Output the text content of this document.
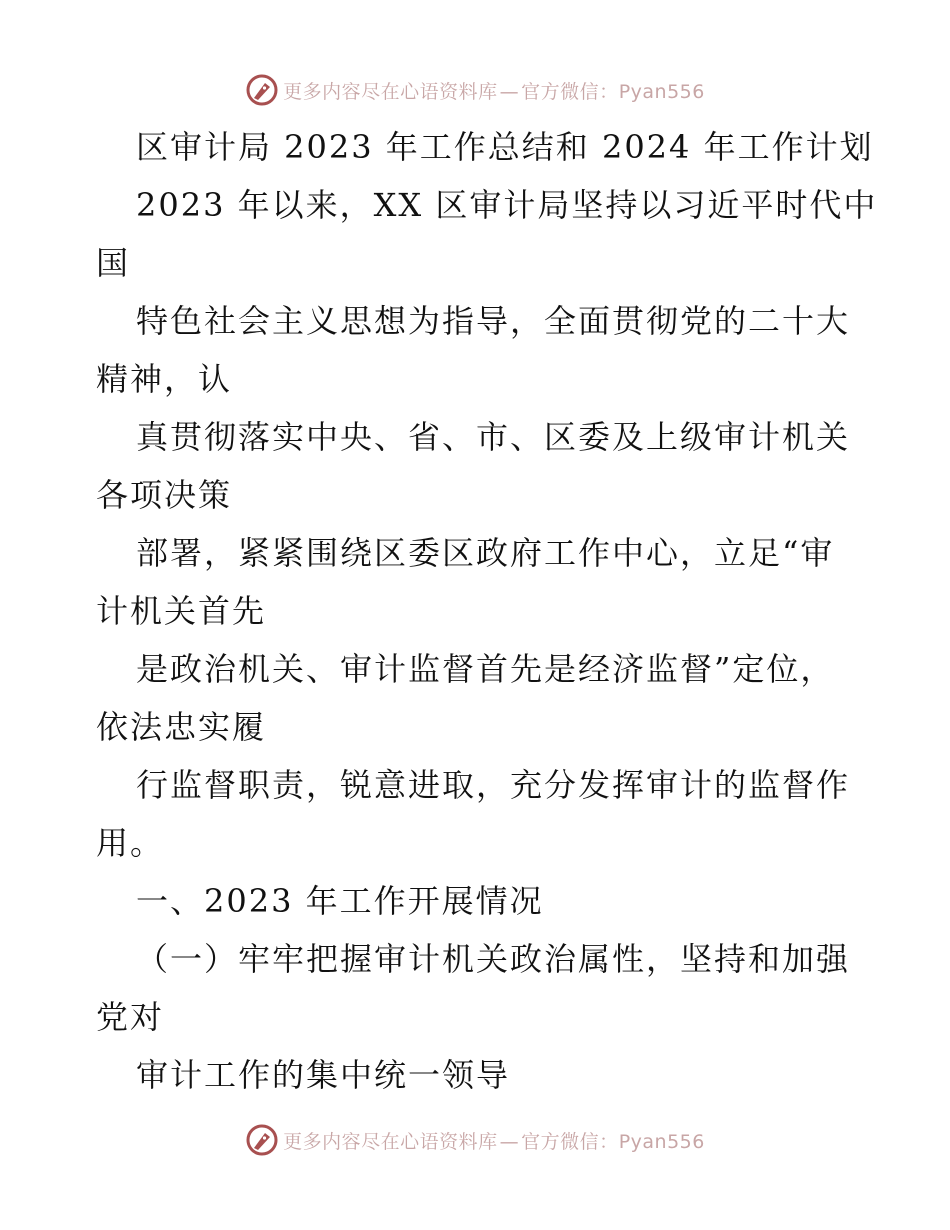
更多内容尽在心语资料库 — 官方微信：Pyan556
区审计局 2023 年工作总结和 2024 年工作计划
2023 年以来，XX 区审计局坚持以习近平时代中
国
特色社会主义思想为指导，全面贯彻党的二十大
精神，认
真贯彻落实中央、省、市、区委及上级审计机关
各项决策
部署，紧紧围绕区委区政府工作中心，立足“审
计机关首先
是政治机关、审计监督首先是经济监督”定位，
依法忠实履
行监督职责，锐意进取，充分发挥审计的监督作
用。
一、2023 年工作开展情况
（一）牢牢把握审计机关政治属性，坚持和加强
党对
审计工作的集中统一领导
更多内容尽在心语资料库 — 官方微信：Pyan556
